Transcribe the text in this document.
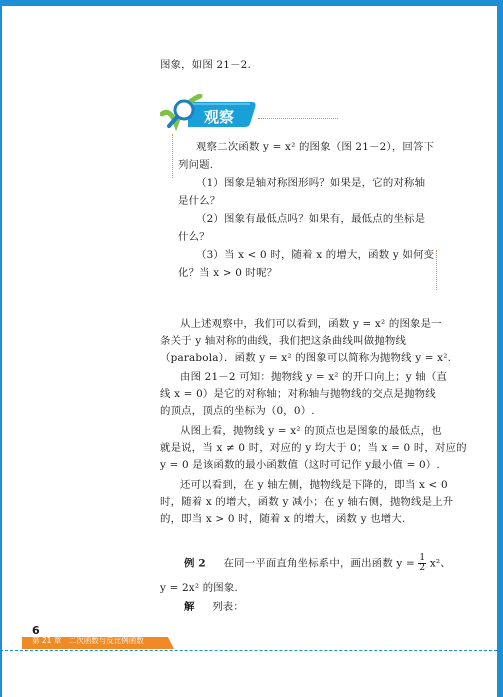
图象，如图 21－2.
观察
观察二次函数 y = x² 的图象（图 21－2），回答下
列问题.
（1）图象是轴对称图形吗？如果是，它的对称轴
是什么？
（2）图象有最低点吗？如果有，最低点的坐标是
什么？
（3）当 x < 0 时，随着 x 的增大，函数 y 如何变
化？当 x > 0 时呢？
从上述观察中，我们可以看到，函数 y = x² 的图象是一
条关于 y 轴对称的曲线，我们把这条曲线叫做抛物线
（parabola）．函数 y = x² 的图象可以简称为抛物线 y = x².
由图 21－2 可知：抛物线 y = x² 的开口向上；y 轴（直
线 x = 0）是它的对称轴；对称轴与抛物线的交点是抛物线
的顶点，顶点的坐标为（0，0）.
从图上看，抛物线 y = x² 的顶点也是图象的最低点，也
就是说，当 x ≠ 0 时，对应的 y 均大于 0；当 x = 0 时，对应的
y = 0 是该函数的最小函数值（这时可记作 y最小值 = 0）.
还可以看到，在 y 轴左侧，抛物线是下降的，即当 x < 0
时，随着 x 的增大，函数 y 减小；在 y 轴右侧，抛物线是上升
的，即当 x > 0 时，随着 x 的增大，函数 y 也增大.
例 2 　 在同一平面直角坐标系中，画出函数 $y = \frac{1}{2} x^2$、
y = 2x² 的图象.
解 　 列表：
6
第 21 章　二次函数与反比例函数
